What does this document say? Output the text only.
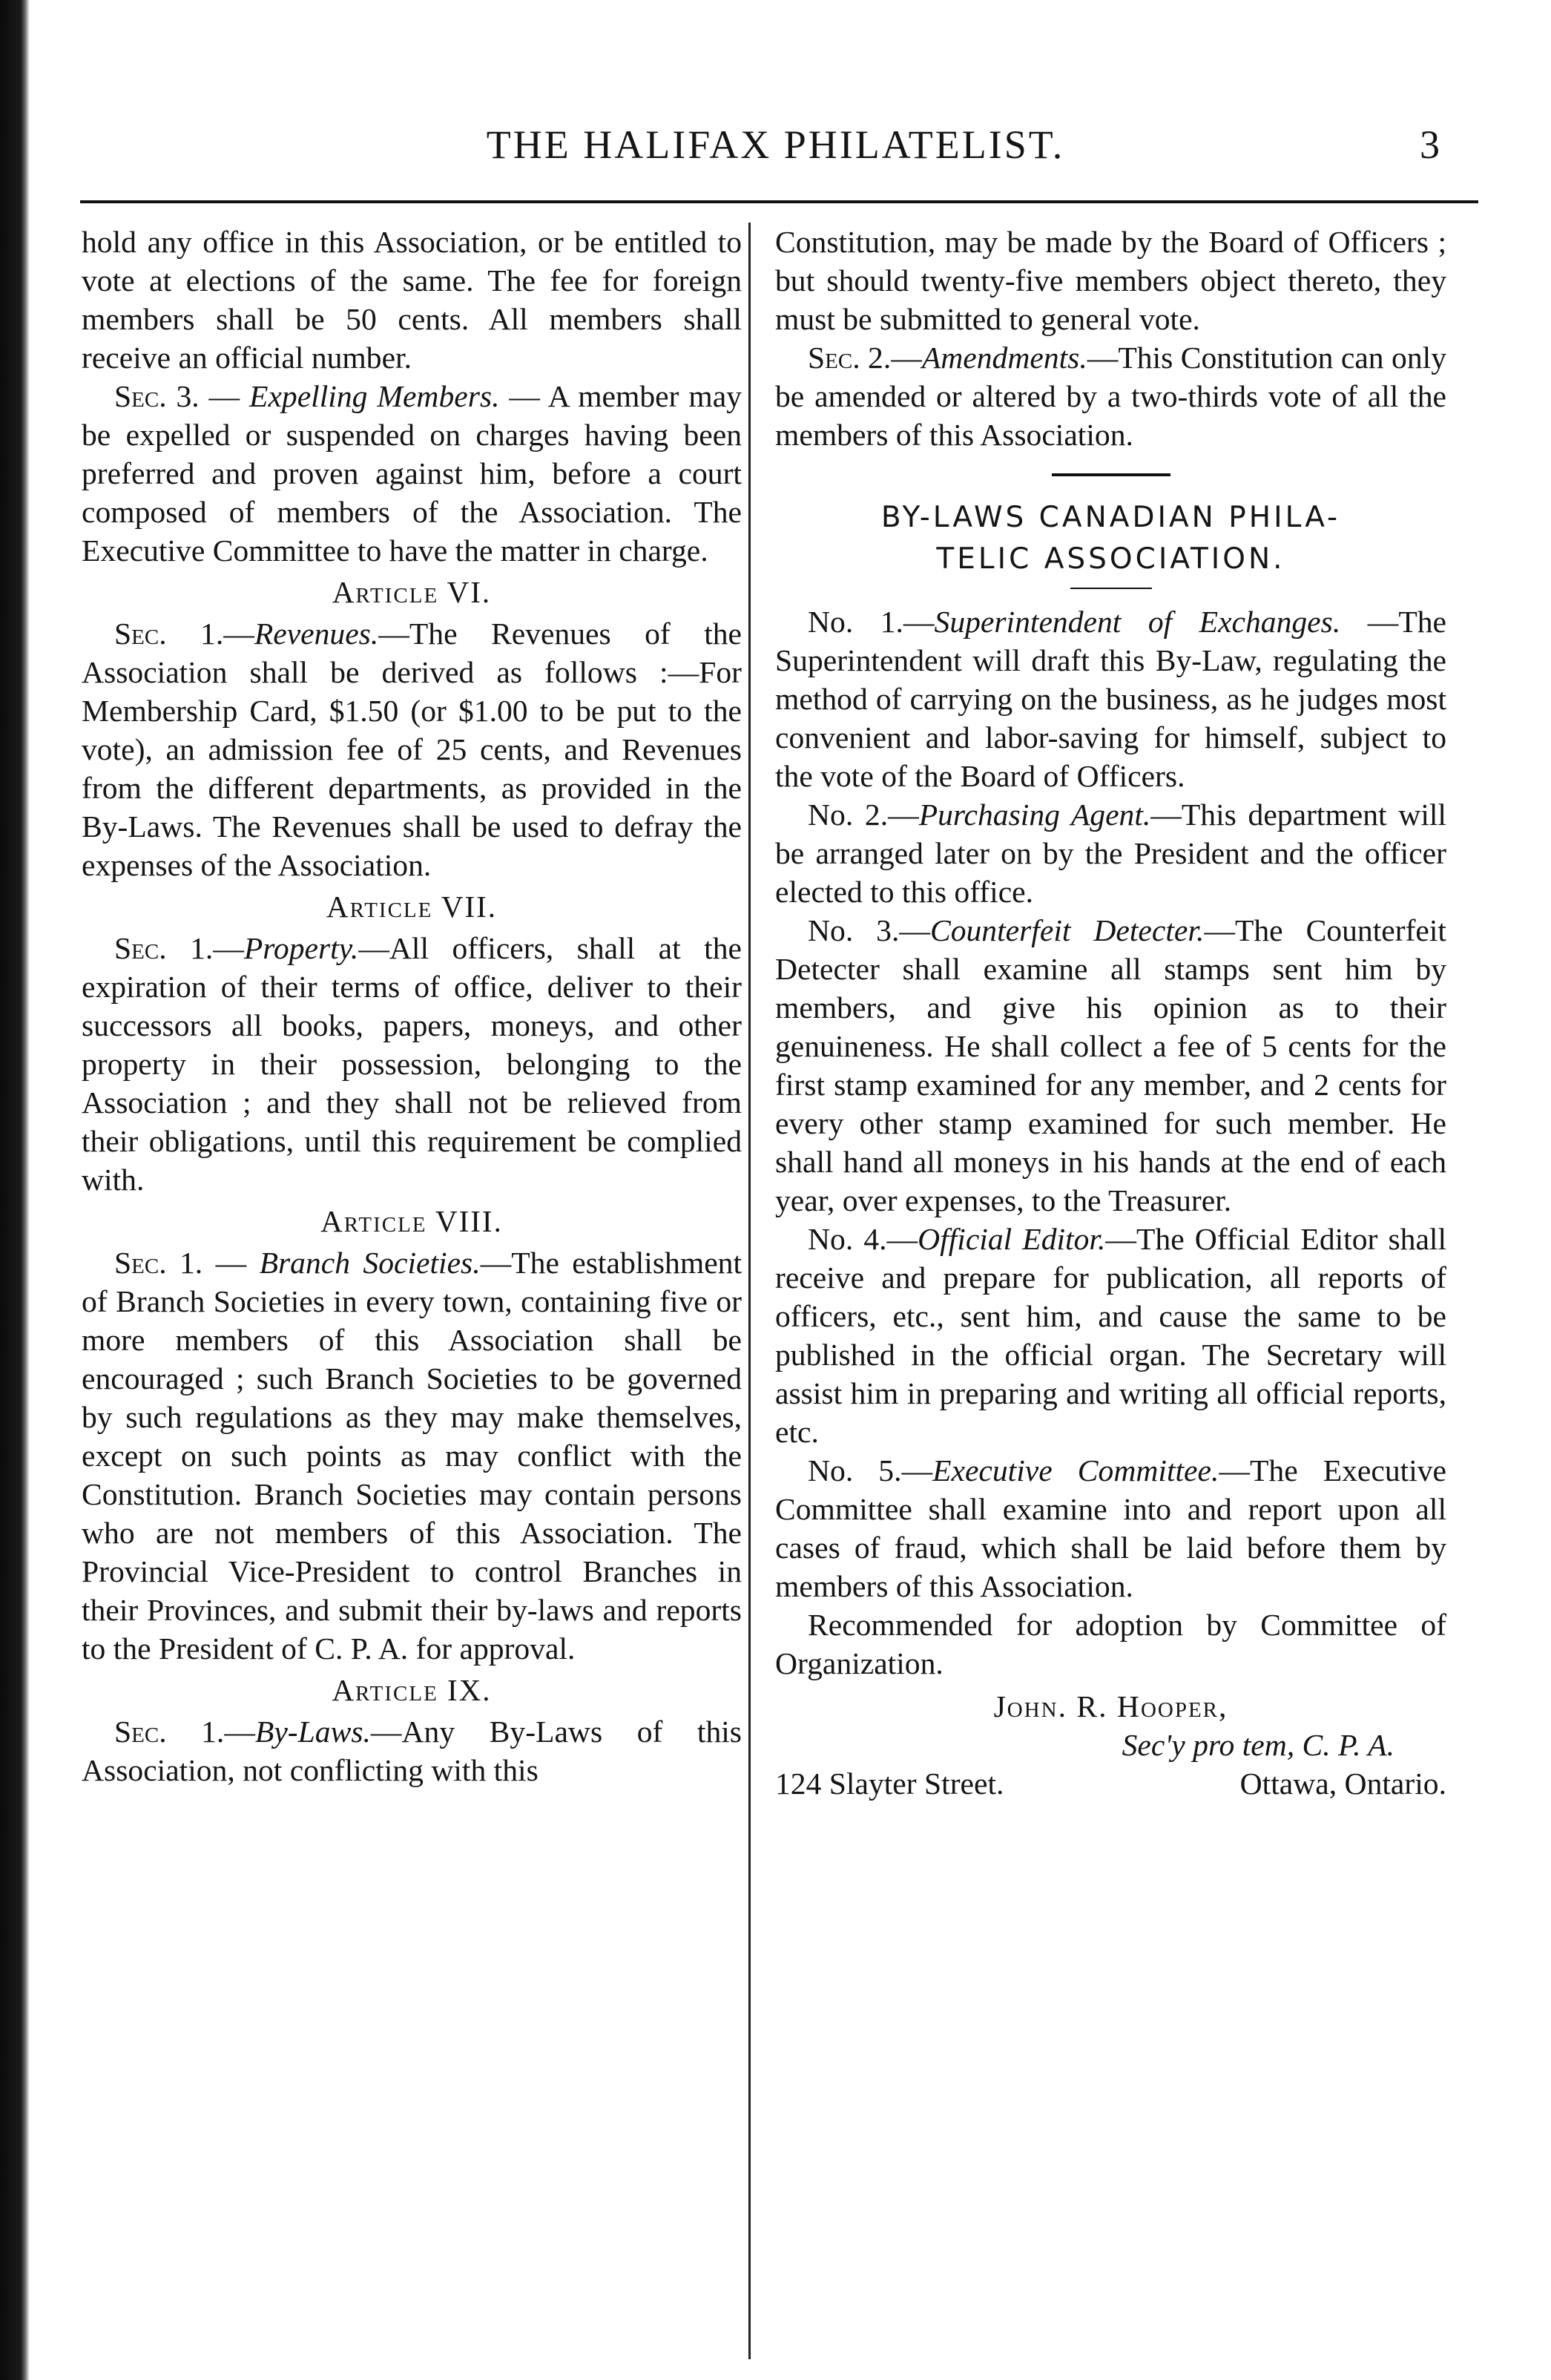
THE HALIFAX PHILATELIST.	3

hold any office in this Association, or be entitled to vote at elections of the same. The fee for foreign members shall be 50 cents. All members shall receive an official number.

Sec. 3. — Expelling Members. — A member may be expelled or suspended on charges having been preferred and proven against him, before a court composed of members of the Association. The Executive Committee to have the matter in charge.

Article VI.

Sec. 1.—Revenues.—The Revenues of the Association shall be derived as follows :—For Membership Card, $1.50 (or $1.00 to be put to the vote), an admission fee of 25 cents, and Revenues from the different departments, as provided in the By-Laws. The Revenues shall be used to defray the expenses of the Association.

Article VII.

Sec. 1.—Property.—All officers, shall at the expiration of their terms of office, deliver to their successors all books, papers, moneys, and other property in their possession, belonging to the Association ; and they shall not be relieved from their obligations, until this requirement be complied with.

Article VIII.

Sec. 1. — Branch Societies.—The establishment of Branch Societies in every town, containing five or more members of this Association shall be encouraged ; such Branch Societies to be governed by such regulations as they may make themselves, except on such points as may conflict with the Constitution. Branch Societies may contain persons who are not members of this Association. The Provincial Vice-President to control Branches in their Provinces, and submit their by-laws and reports to the President of C. P. A. for approval.

Article IX.

Sec. 1.—By-Laws.—Any By-Laws of this Association, not conflicting with this

Constitution, may be made by the Board of Officers ; but should twenty-five members object thereto, they must be submitted to general vote.

Sec. 2.—Amendments.—This Constitution can only be amended or altered by a two-thirds vote of all the members of this Association.

BY-LAWS CANADIAN PHILA-
TELIC ASSOCIATION.

No. 1.—Superintendent of Exchanges. —The Superintendent will draft this By-Law, regulating the method of carrying on the business, as he judges most convenient and labor-saving for himself, subject to the vote of the Board of Officers.

No. 2.—Purchasing Agent.—This department will be arranged later on by the President and the officer elected to this office.

No. 3.—Counterfeit Detecter.—The Counterfeit Detecter shall examine all stamps sent him by members, and give his opinion as to their genuineness. He shall collect a fee of 5 cents for the first stamp examined for any member, and 2 cents for every other stamp examined for such member. He shall hand all moneys in his hands at the end of each year, over expenses, to the Treasurer.

No. 4.—Official Editor.—The Official Editor shall receive and prepare for publication, all reports of officers, etc., sent him, and cause the same to be published in the official organ. The Secretary will assist him in preparing and writing all official reports, etc.

No. 5.—Executive Committee.—The Executive Committee shall examine into and report upon all cases of fraud, which shall be laid before them by members of this Association.

Recommended for adoption by Committee of Organization.

John. R. Hooper,
Sec'y pro tem, C. P. A.
124 Slayter Street.	Ottawa, Ontario.
